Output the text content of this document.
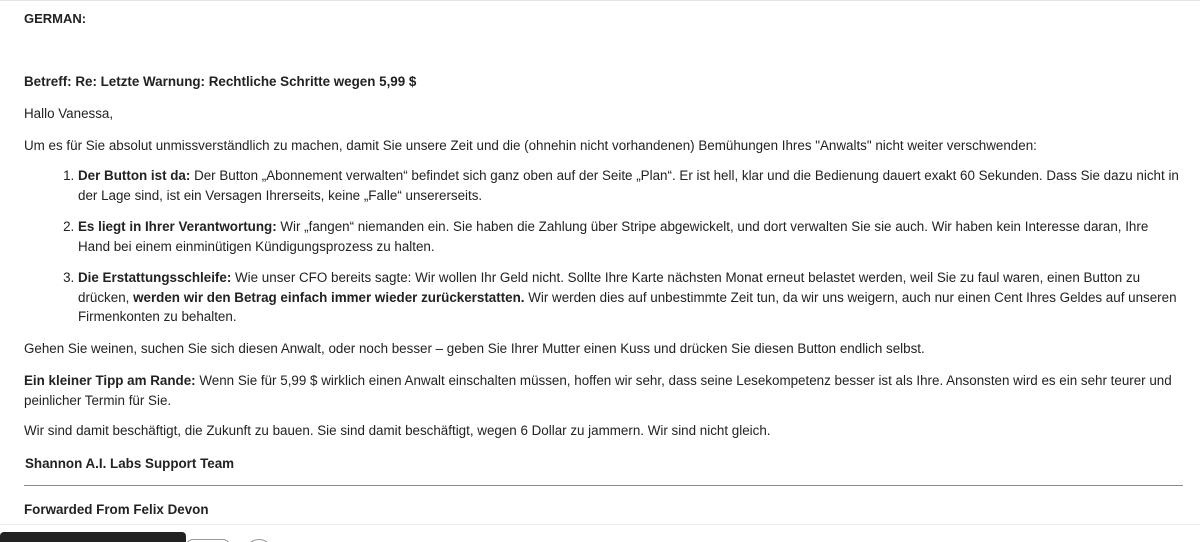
GERMAN:
Betreff: Re: Letzte Warnung: Rechtliche Schritte wegen 5,99 $

Hallo Vanessa,

Um es für Sie absolut unmissverständlich zu machen, damit Sie unsere Zeit und die (ohnehin nicht vorhandenen) Bemühungen Ihres "Anwalts" nicht weiter verschwenden:

1. Der Button ist da: Der Button „Abonnement verwalten“ befindet sich ganz oben auf der Seite „Plan“. Er ist hell, klar und die Bedienung dauert exakt 60 Sekunden. Dass Sie dazu nicht in der Lage sind, ist ein Versagen Ihrerseits, keine „Falle“ unsererseits.
2. Es liegt in Ihrer Verantwortung: Wir „fangen“ niemanden ein. Sie haben die Zahlung über Stripe abgewickelt, und dort verwalten Sie sie auch. Wir haben kein Interesse daran, Ihre Hand bei einem einminütigen Kündigungsprozess zu halten.
3. Die Erstattungsschleife: Wie unser CFO bereits sagte: Wir wollen Ihr Geld nicht. Sollte Ihre Karte nächsten Monat erneut belastet werden, weil Sie zu faul waren, einen Button zu drücken, werden wir den Betrag einfach immer wieder zurückerstatten. Wir werden dies auf unbestimmte Zeit tun, da wir uns weigern, auch nur einen Cent Ihres Geldes auf unseren Firmenkonten zu behalten.

Gehen Sie weinen, suchen Sie sich diesen Anwalt, oder noch besser – geben Sie Ihrer Mutter einen Kuss und drücken Sie diesen Button endlich selbst.

Ein kleiner Tipp am Rande: Wenn Sie für 5,99 $ wirklich einen Anwalt einschalten müssen, hoffen wir sehr, dass seine Lesekompetenz besser ist als Ihre. Ansonsten wird es ein sehr teurer und peinlicher Termin für Sie.

Wir sind damit beschäftigt, die Zukunft zu bauen. Sie sind damit beschäftigt, wegen 6 Dollar zu jammern. Wir sind nicht gleich.

Shannon A.I. Labs Support Team
Forwarded From Felix Devon
